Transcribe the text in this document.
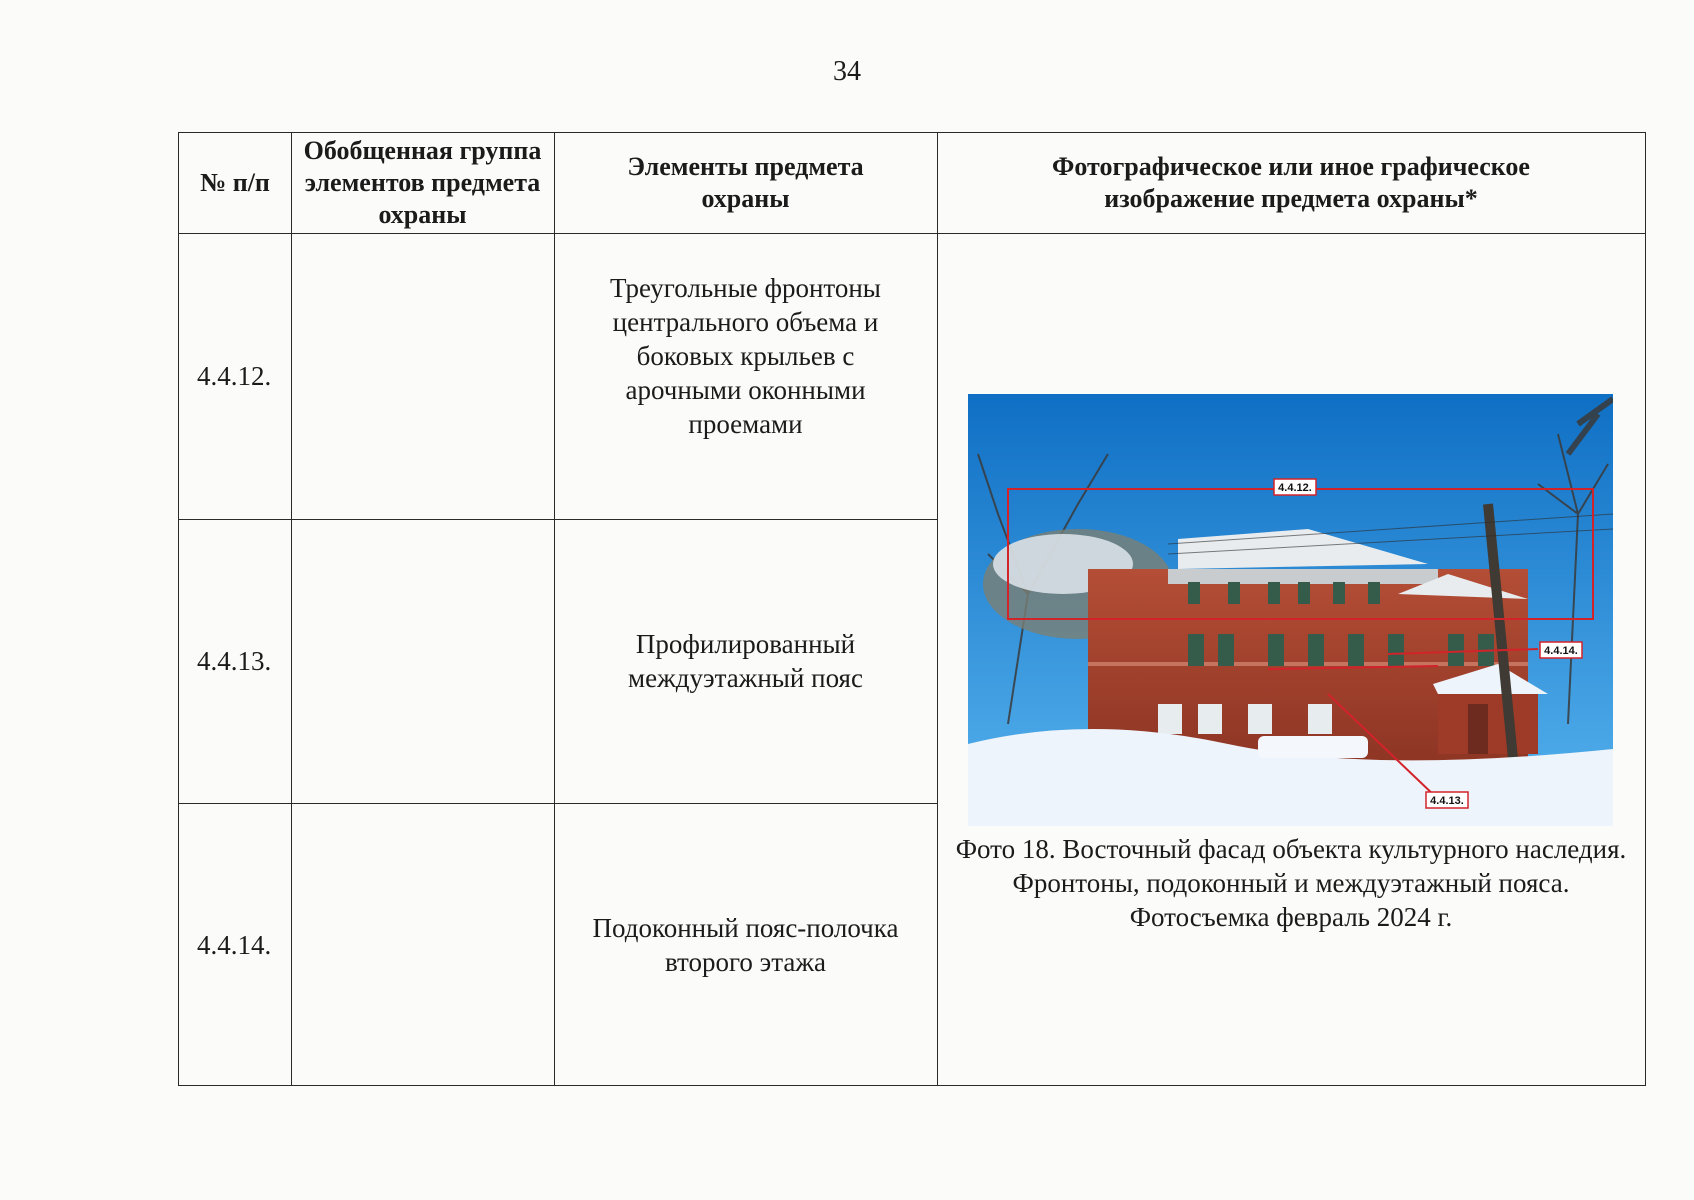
34
№ п/п
Обобщенная группа элементов предмета охраны
Элементы предмета охраны
Фотографическое или иное графическое изображение предмета охраны*
4.4.12.
Треугольные фронтоны центрального объема и боковых крыльев с арочными оконными проемами
4.4.13.
Профилированный междуэтажный пояс
4.4.14.
Подоконный пояс-полочка второго этажа
4.4.12.
4.4.14.
4.4.13.
Фото 18. Восточный фасад объекта культурного наследия. Фронтоны, подоконный и междуэтажный пояса. Фотосъемка февраль 2024 г.
